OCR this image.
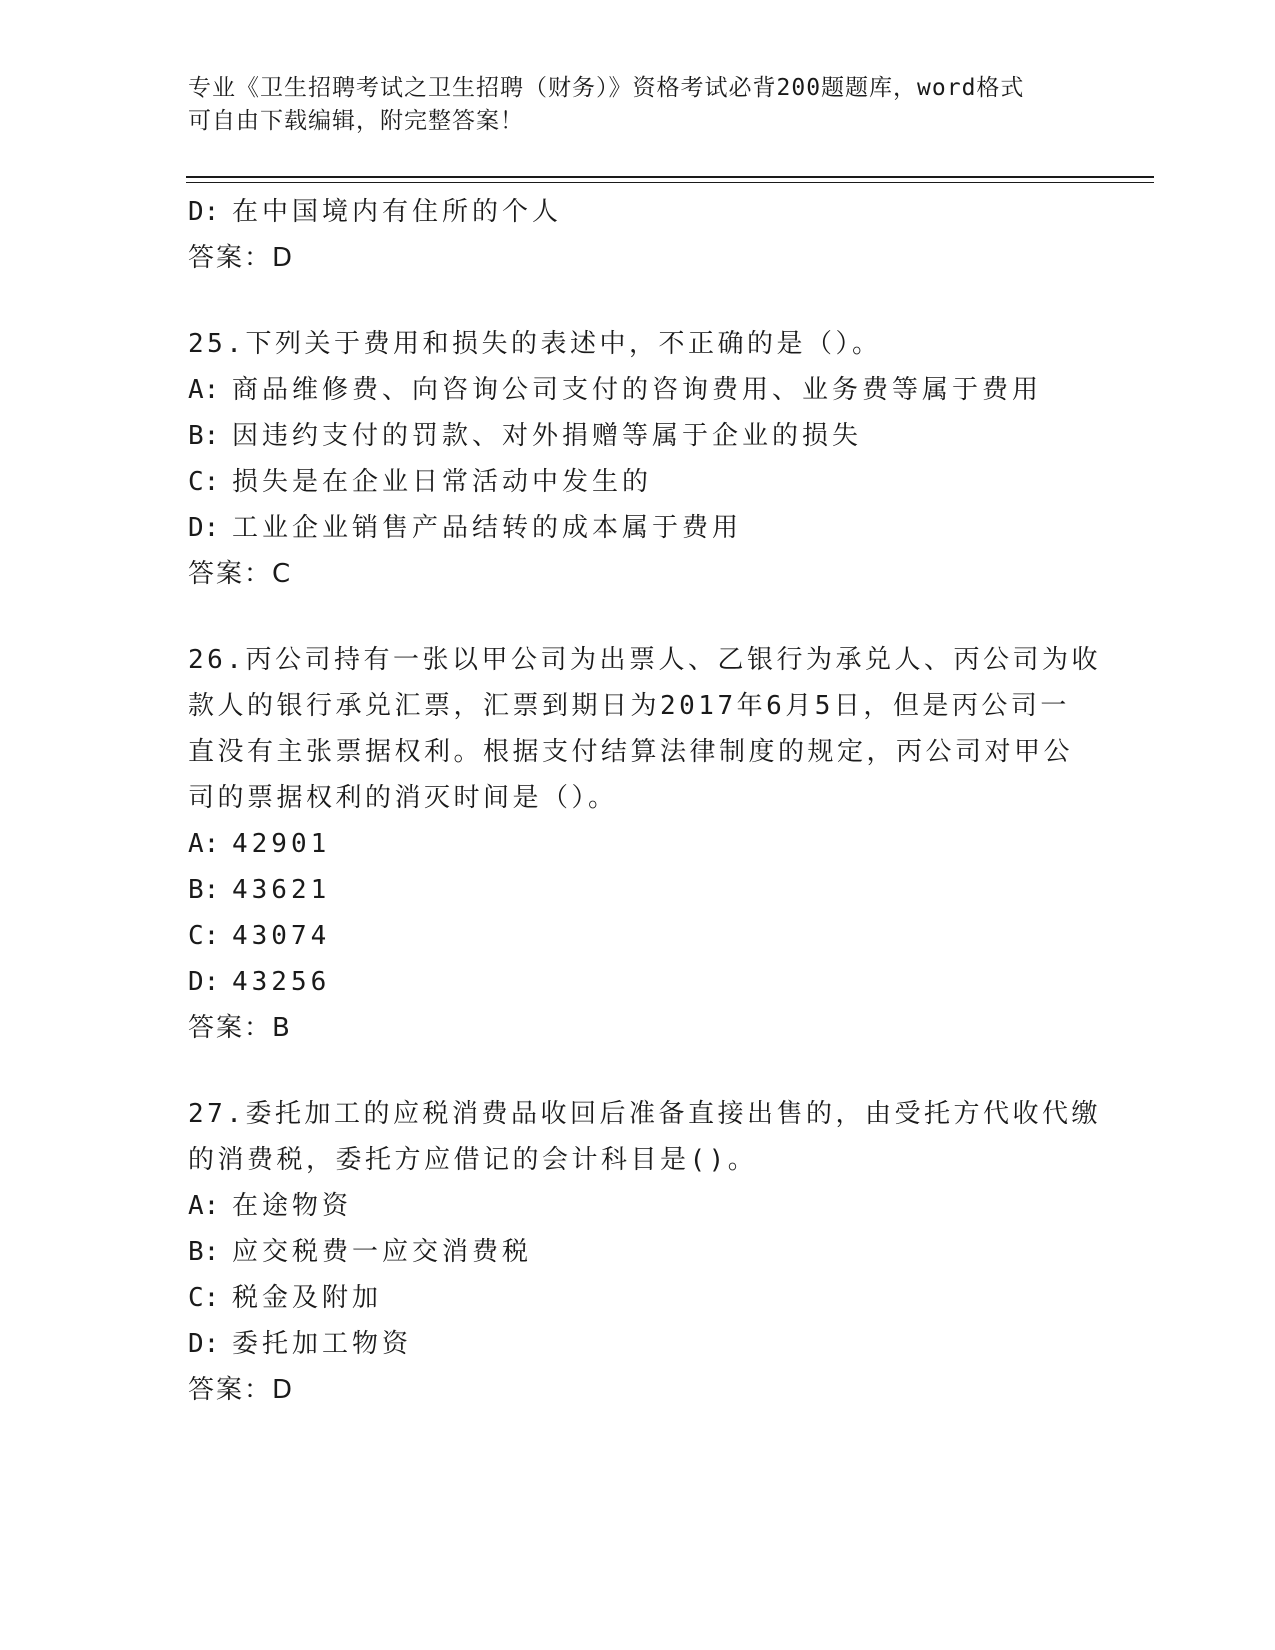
专业《卫生招聘考试之卫生招聘（财务）》资格考试必背200题题库，word格式
可自由下载编辑，附完整答案！
D: 在中国境内有住所的个人
答案：D
25.下列关于费用和损失的表述中，不正确的是（）。
A: 商品维修费、向咨询公司支付的咨询费用、业务费等属于费用
B: 因违约支付的罚款、对外捐赠等属于企业的损失
C: 损失是在企业日常活动中发生的
D: 工业企业销售产品结转的成本属于费用
答案：C
26.丙公司持有一张以甲公司为出票人、乙银行为承兑人、丙公司为收
款人的银行承兑汇票，汇票到期日为2017年6月5日，但是丙公司一
直没有主张票据权利。根据支付结算法律制度的规定，丙公司对甲公
司的票据权利的消灭时间是（）。
A: 42901
B: 43621
C: 43074
D: 43256
答案：B
27.委托加工的应税消费品收回后准备直接出售的，由受托方代收代缴
的消费税，委托方应借记的会计科目是()。
A: 在途物资
B: 应交税费一应交消费税
C: 税金及附加
D: 委托加工物资
答案：D
